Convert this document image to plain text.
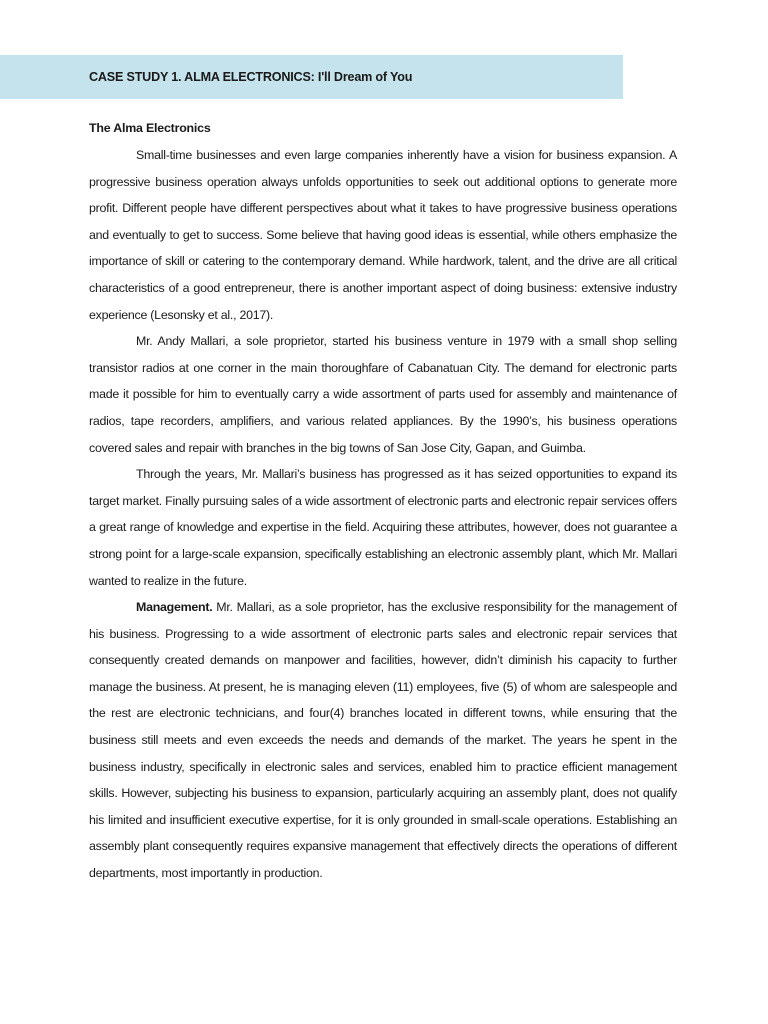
CASE STUDY 1. ALMA ELECTRONICS: I'll Dream of You
The Alma Electronics

Small-time businesses and even large companies inherently have a vision for business expansion. A progressive business operation always unfolds opportunities to seek out additional options to generate more profit. Different people have different perspectives about what it takes to have progressive business operations and eventually to get to success. Some believe that having good ideas is essential, while others emphasize the importance of skill or catering to the contemporary demand. While hardwork, talent, and the drive are all critical characteristics of a good entrepreneur, there is another important aspect of doing business: extensive industry experience (Lesonsky et al., 2017).

Mr. Andy Mallari, a sole proprietor, started his business venture in 1979 with a small shop selling transistor radios at one corner in the main thoroughfare of Cabanatuan City. The demand for electronic parts made it possible for him to eventually carry a wide assortment of parts used for assembly and maintenance of radios, tape recorders, amplifiers, and various related appliances. By the 1990’s, his business operations covered sales and repair with branches in the big towns of San Jose City, Gapan, and Guimba.

Through the years, Mr. Mallari’s business has progressed as it has seized opportunities to expand its target market. Finally pursuing sales of a wide assortment of electronic parts and electronic repair services offers a great range of knowledge and expertise in the field. Acquiring these attributes, however, does not guarantee a strong point for a large-scale expansion, specifically establishing an electronic assembly plant, which Mr. Mallari wanted to realize in the future.

Management. Mr. Mallari, as a sole proprietor, has the exclusive responsibility for the management of his business. Progressing to a wide assortment of electronic parts sales and electronic repair services that consequently created demands on manpower and facilities, however, didn’t diminish his capacity to further manage the business. At present, he is managing eleven (11) employees, five (5) of whom are salespeople and the rest are electronic technicians, and four(4) branches located in different towns, while ensuring that the business still meets and even exceeds the needs and demands of the market. The years he spent in the business industry, specifically in electronic sales and services, enabled him to practice efficient management skills. However, subjecting his business to expansion, particularly acquiring an assembly plant, does not qualify his limited and insufficient executive expertise, for it is only grounded in small-scale operations. Establishing an assembly plant consequently requires expansive management that effectively directs the operations of different departments, most importantly in production.
